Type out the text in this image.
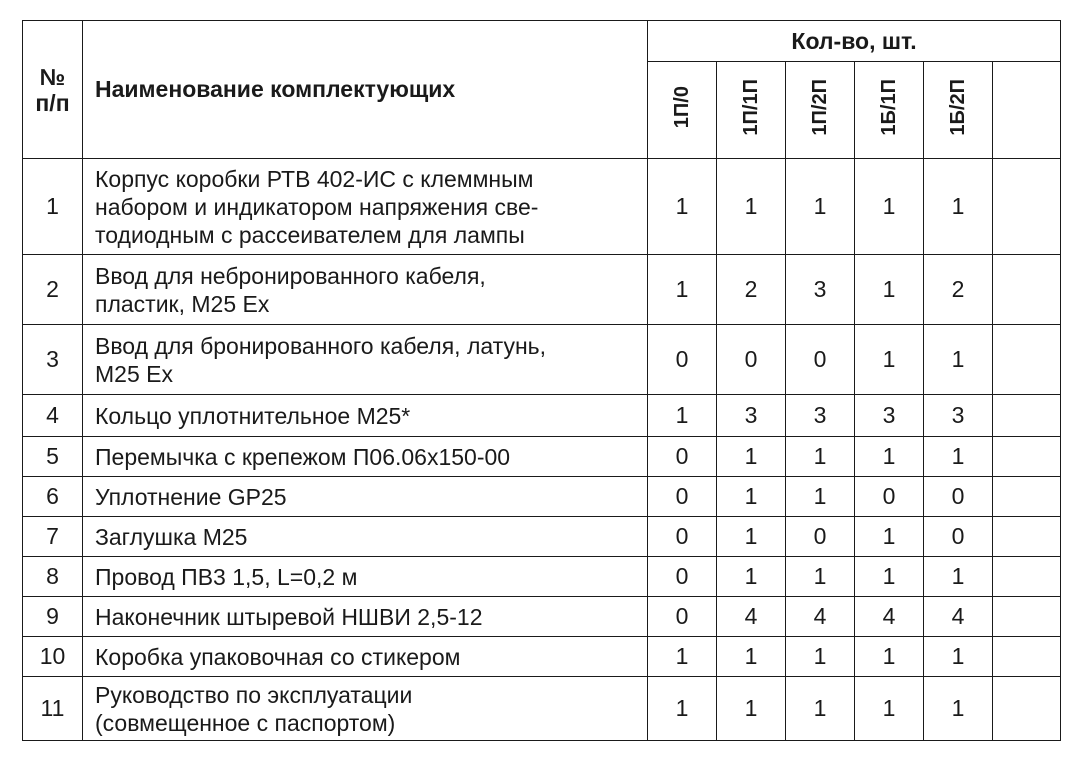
№
п/п	Наименование комплектующих	Кол-во, шт.					
		1П/0	1П/1П	1П/2П	1Б/1П	1Б/2П	
1	Корпус коробки РТВ 402-ИС с клеммным
набором и индикатором напряжения све-
тодиодным с рассеивателем для лампы	1	1	1	1	1	
2	Ввод для небронированного кабеля,
пластик, М25 Ex	1	2	3	1	2	
3	Ввод для бронированного кабеля, латунь,
М25 Ex	0	0	0	1	1	
4	Кольцо уплотнительное М25*	1	3	3	3	3	
5	Перемычка с крепежом П06.06х150-00	0	1	1	1	1	
6	Уплотнение GP25	0	1	1	0	0	
7	Заглушка М25	0	1	0	1	0	
8	Провод ПВ3 1,5, L=0,2 м	0	1	1	1	1	
9	Наконечник штыревой НШВИ 2,5-12	0	4	4	4	4	
10	Коробка упаковочная со стикером	1	1	1	1	1	
11	Руководство по эксплуатации
(совмещенное с паспортом)	1	1	1	1	1	
